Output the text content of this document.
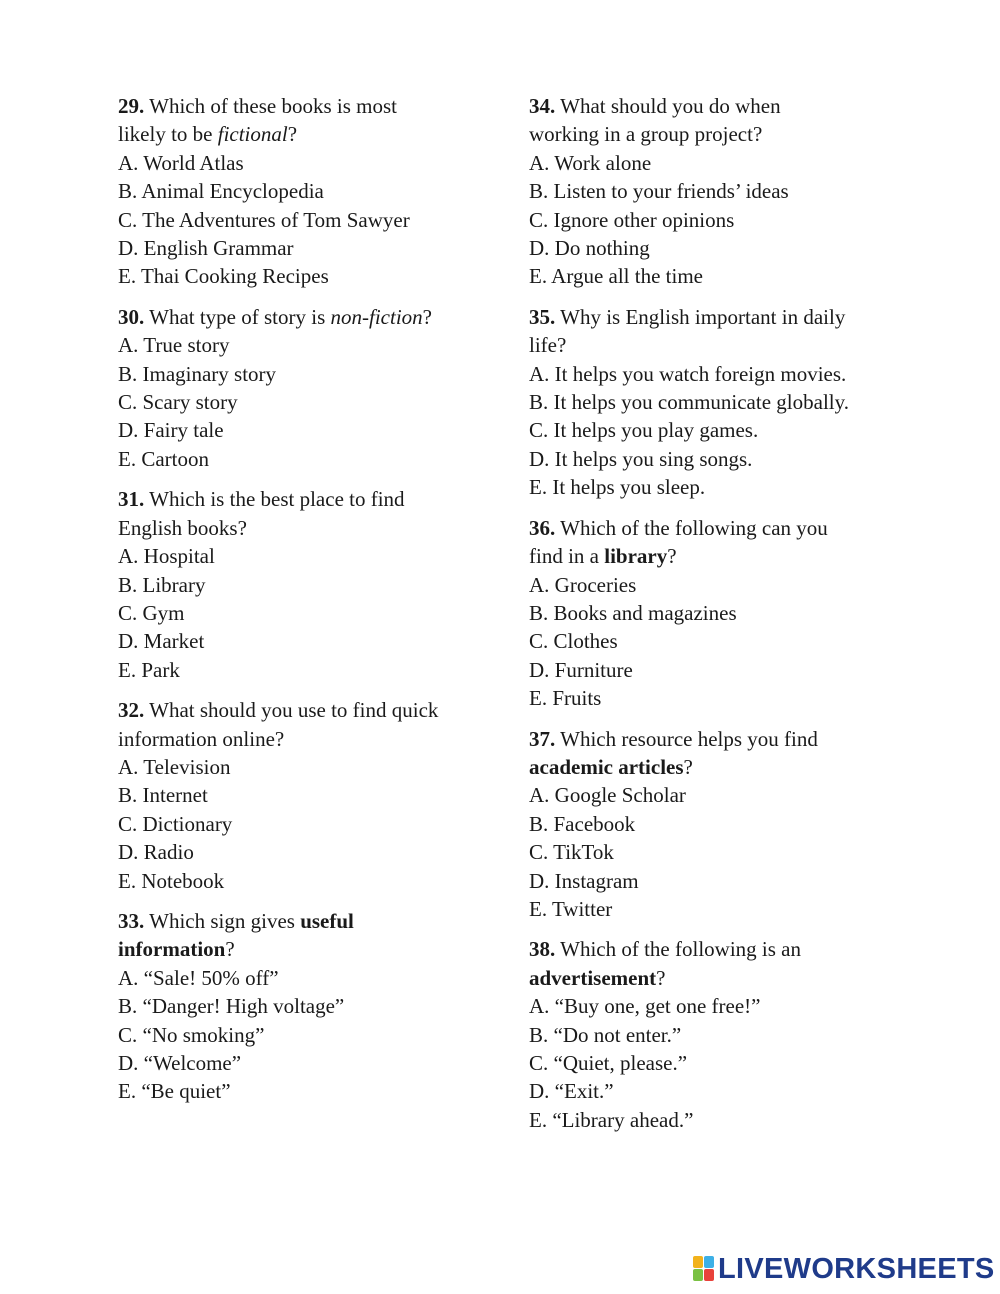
29. Which of these books is most
likely to be fictional?
A. World Atlas
B. Animal Encyclopedia
C. The Adventures of Tom Sawyer
D. English Grammar
E. Thai Cooking Recipes
30. What type of story is non-fiction?
A. True story
B. Imaginary story
C. Scary story
D. Fairy tale
E. Cartoon
31. Which is the best place to find
English books?
A. Hospital
B. Library
C. Gym
D. Market
E. Park
32. What should you use to find quick
information online?
A. Television
B. Internet
C. Dictionary
D. Radio
E. Notebook
33. Which sign gives useful
information?
A. “Sale! 50% off”
B. “Danger! High voltage”
C. “No smoking”
D. “Welcome”
E. “Be quiet”
34. What should you do when
working in a group project?
A. Work alone
B. Listen to your friends’ ideas
C. Ignore other opinions
D. Do nothing
E. Argue all the time
35. Why is English important in daily
life?
A. It helps you watch foreign movies.
B. It helps you communicate globally.
C. It helps you play games.
D. It helps you sing songs.
E. It helps you sleep.
36. Which of the following can you
find in a library?
A. Groceries
B. Books and magazines
C. Clothes
D. Furniture
E. Fruits
37. Which resource helps you find
academic articles?
A. Google Scholar
B. Facebook
C. TikTok
D. Instagram
E. Twitter
38. Which of the following is an
advertisement?
A. “Buy one, get one free!”
B. “Do not enter.”
C. “Quiet, please.”
D. “Exit.”
E. “Library ahead.”
LIVEWORKSHEETS
